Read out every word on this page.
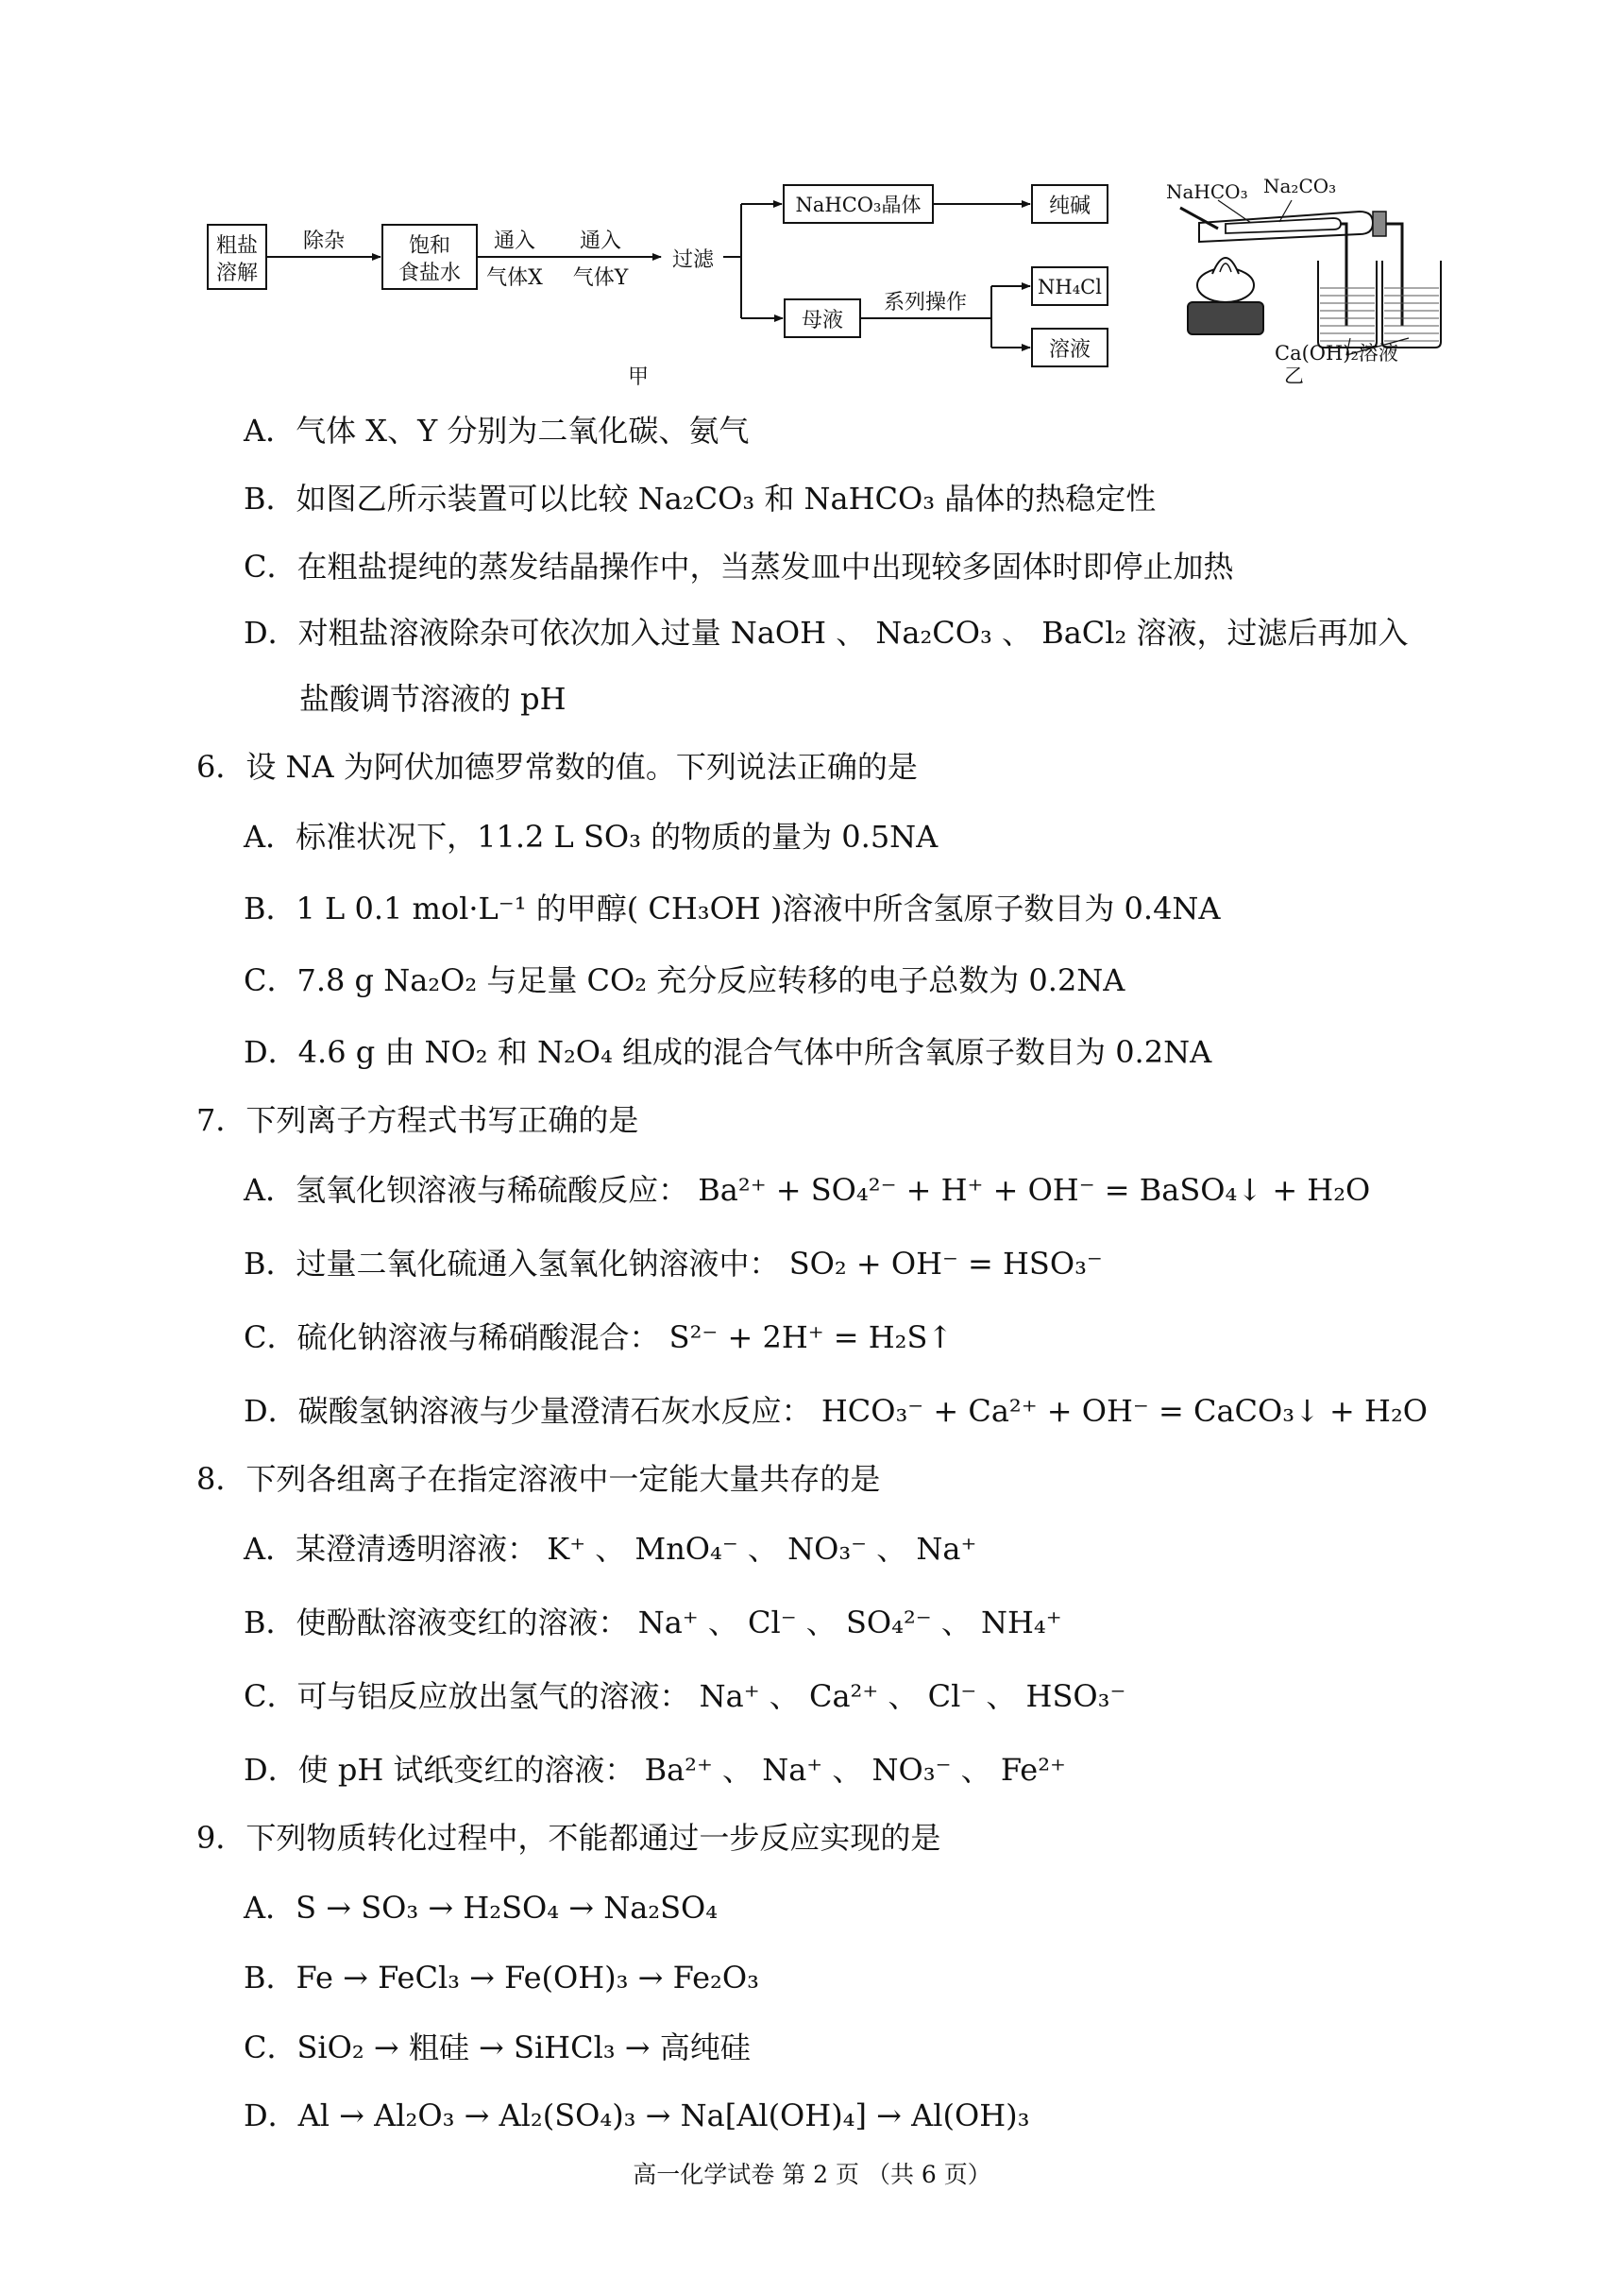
粗盐
溶解
除杂	饱和
食盐水
通入
气体X
通入
气体Y
过滤
NaHCO₃晶体	纯碱
母液
系列操作
NH₄Cl
溶液
甲
NaHCO₃ Na₂CO₃
Ca(OH)₂溶液
乙
A．气体 X、Y 分别为二氧化碳、氨气
B．如图乙所示装置可以比较 Na₂CO₃ 和 NaHCO₃ 晶体的热稳定性
C．在粗盐提纯的蒸发结晶操作中，当蒸发皿中出现较多固体时即停止加热
D．对粗盐溶液除杂可依次加入过量 NaOH 、 Na₂CO₃ 、 BaCl₂ 溶液，过滤后再加入
盐酸调节溶液的 pH
6．设 NA 为阿伏加德罗常数的值。下列说法正确的是
A．标准状况下，11.2 L SO₃ 的物质的量为 0.5NA
B．1 L 0.1 mol·L⁻¹ 的甲醇( CH₃OH )溶液中所含氢原子数目为 0.4NA
C．7.8 g Na₂O₂ 与足量 CO₂ 充分反应转移的电子总数为 0.2NA
D．4.6 g 由 NO₂ 和 N₂O₄ 组成的混合气体中所含氧原子数目为 0.2NA
7．下列离子方程式书写正确的是
A．氢氧化钡溶液与稀硫酸反应： Ba²⁺ + SO₄²⁻ + H⁺ + OH⁻ = BaSO₄↓ + H₂O
B．过量二氧化硫通入氢氧化钠溶液中： SO₂ + OH⁻ = HSO₃⁻
C．硫化钠溶液与稀硝酸混合： S²⁻ + 2H⁺ = H₂S↑
D．碳酸氢钠溶液与少量澄清石灰水反应： HCO₃⁻ + Ca²⁺ + OH⁻ = CaCO₃↓ + H₂O
8．下列各组离子在指定溶液中一定能大量共存的是
A．某澄清透明溶液： K⁺ 、 MnO₄⁻ 、 NO₃⁻ 、 Na⁺
B．使酚酞溶液变红的溶液： Na⁺ 、 Cl⁻ 、 SO₄²⁻ 、 NH₄⁺
C．可与铝反应放出氢气的溶液： Na⁺ 、 Ca²⁺ 、 Cl⁻ 、 HSO₃⁻
D．使 pH 试纸变红的溶液： Ba²⁺ 、 Na⁺ 、 NO₃⁻ 、 Fe²⁺
9．下列物质转化过程中，不能都通过一步反应实现的是
A．S → SO₃ → H₂SO₄ → Na₂SO₄
B．Fe → FeCl₃ → Fe(OH)₃ → Fe₂O₃
C．SiO₂ → 粗硅 → SiHCl₃ → 高纯硅
D．Al → Al₂O₃ → Al₂(SO₄)₃ → Na[Al(OH)₄] → Al(OH)₃
高一化学试卷 第 2 页 （共 6 页）
